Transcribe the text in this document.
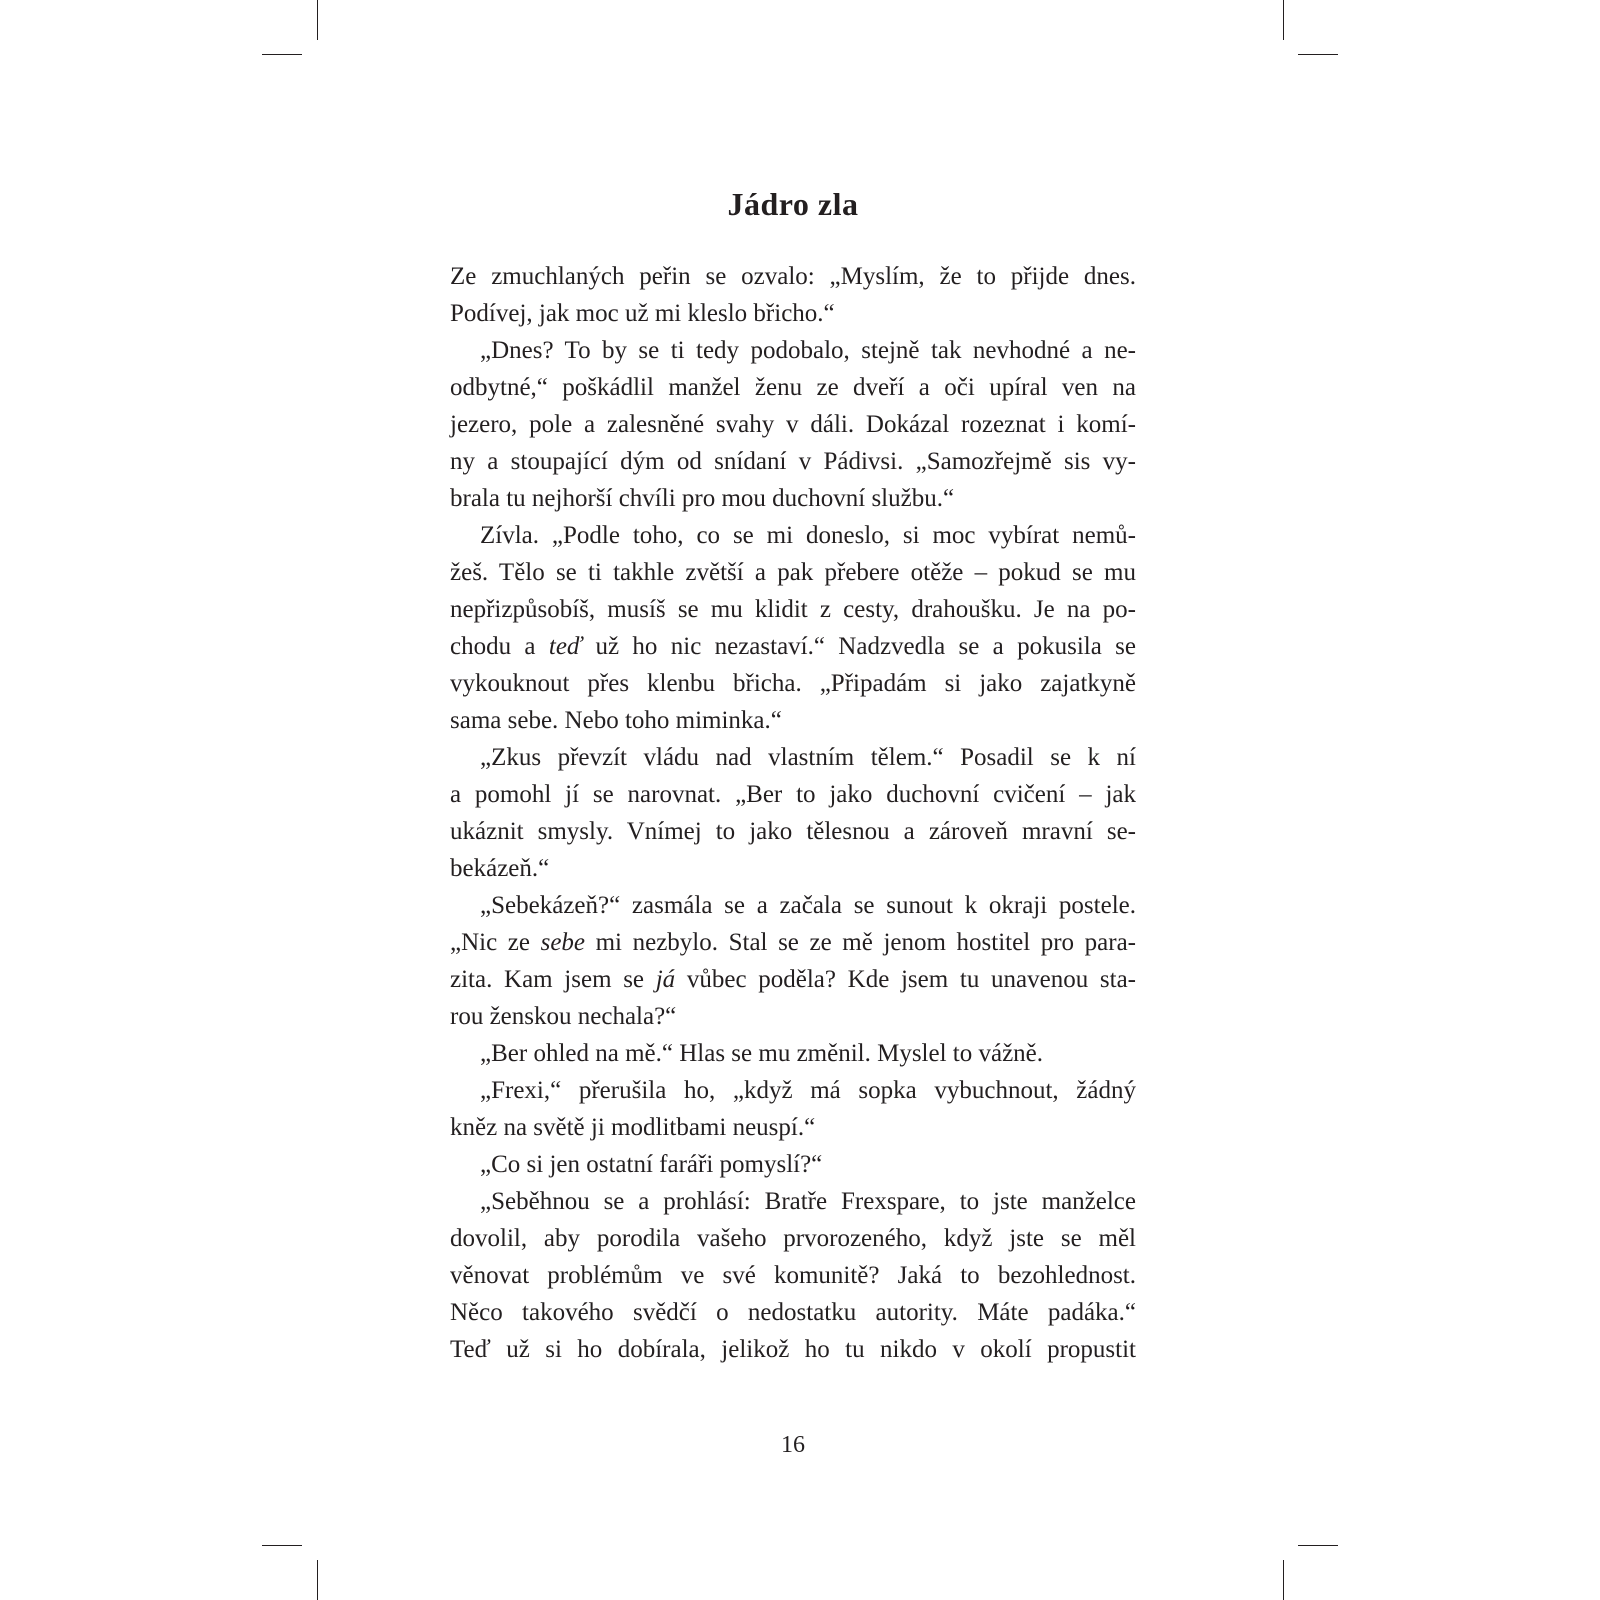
Jádro zla
Ze zmuchlaných peřin se ozvalo: „Myslím, že to přijde dnes.
Podívej, jak moc už mi kleslo břicho.“
„Dnes? To by se ti tedy podobalo, stejně tak nevhodné a ne-
odbytné,“ poškádlil manžel ženu ze dveří a oči upíral ven na
jezero, pole a zalesněné svahy v dáli. Dokázal rozeznat i komí-
ny a stoupající dým od snídaní v Pádivsi. „Samozřejmě sis vy-
brala tu nejhorší chvíli pro mou duchovní službu.“
Zívla. „Podle toho, co se mi doneslo, si moc vybírat nemů-
žeš. Tělo se ti takhle zvětší a pak přebere otěže – pokud se mu
nepřizpůsobíš, musíš se mu klidit z cesty, drahoušku. Je na po-
chodu a teď už ho nic nezastaví.“ Nadzvedla se a pokusila se
vykouknout přes klenbu břicha. „Připadám si jako zajatkyně
sama sebe. Nebo toho miminka.“
„Zkus převzít vládu nad vlastním tělem.“ Posadil se k ní
a pomohl jí se narovnat. „Ber to jako duchovní cvičení – jak
ukáznit smysly. Vnímej to jako tělesnou a zároveň mravní se-
bekázeň.“
„Sebekázeň?“ zasmála se a začala se sunout k okraji postele.
„Nic ze sebe mi nezbylo. Stal se ze mě jenom hostitel pro para-
zita. Kam jsem se já vůbec poděla? Kde jsem tu unavenou sta-
rou ženskou nechala?“
„Ber ohled na mě.“ Hlas se mu změnil. Myslel to vážně.
„Frexi,“ přerušila ho, „když má sopka vybuchnout, žádný
kněz na světě ji modlitbami neuspí.“
„Co si jen ostatní faráři pomyslí?“
„Seběhnou se a prohlásí: Bratře Frexspare, to jste manželce
dovolil, aby porodila vašeho prvorozeného, když jste se měl
věnovat problémům ve své komunitě? Jaká to bezohlednost.
Něco takového svědčí o nedostatku autority. Máte padáka.“
Teď už si ho dobírala, jelikož ho tu nikdo v okolí propustit
16
